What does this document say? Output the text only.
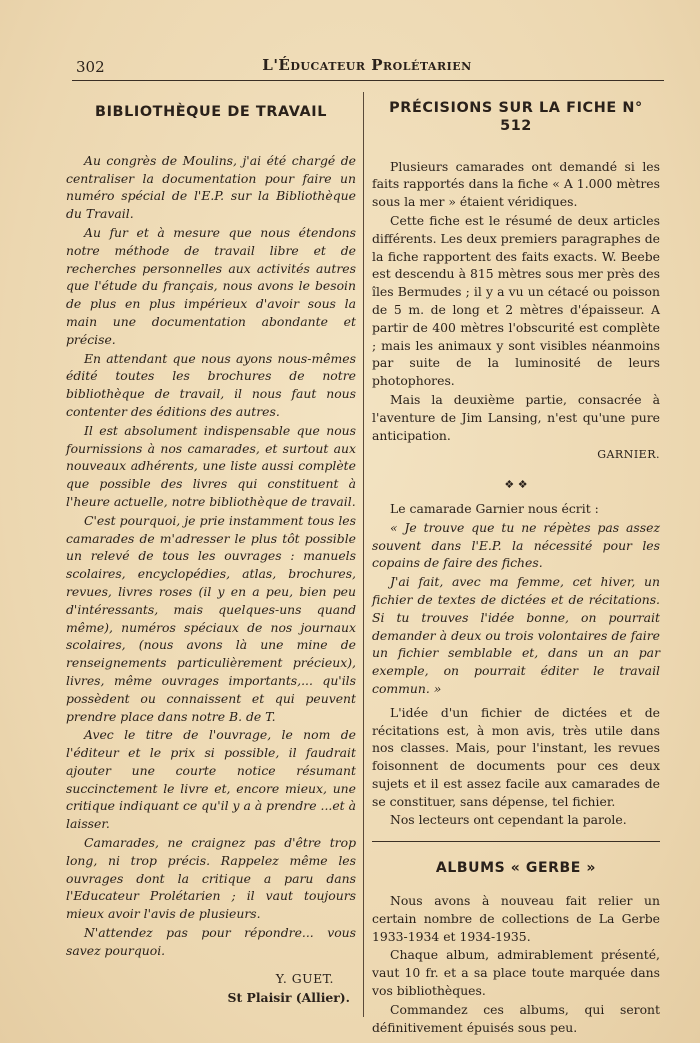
302	L'Éducateur Prolétarien
BIBLIOTHÈQUE DE TRAVAIL

Au congrès de Moulins, j'ai été chargé de centraliser la documentation pour faire un numéro spécial de l'E.P. sur la Bibliothèque du Travail.

Au fur et à mesure que nous étendons notre méthode de travail libre et de recherches personnelles aux activités autres que l'étude du français, nous avons le besoin de plus en plus impérieux d'avoir sous la main une documentation abondante et précise.

En attendant que nous ayons nous-mêmes édité toutes les brochures de notre bibliothèque de travail, il nous faut nous contenter des éditions des autres.

Il est absolument indispensable que nous fournissions à nos camarades, et surtout aux nouveaux adhérents, une liste aussi complète que possible des livres qui constituent à l'heure actuelle, notre bibliothèque de travail.

C'est pourquoi, je prie instamment tous les camarades de m'adresser le plus tôt possible un relevé de tous les ouvrages : manuels scolaires, encyclopédies, atlas, brochures, revues, livres roses (il y en a peu, bien peu d'intéressants, mais quelques-uns quand même), numéros spéciaux de nos journaux scolaires, (nous avons là une mine de renseignements particulièrement précieux), livres, même ouvrages importants,... qu'ils possèdent ou connaissent et qui peuvent prendre place dans notre B. de T.

Avec le titre de l'ouvrage, le nom de l'éditeur et le prix si possible, il faudrait ajouter une courte notice résumant succinctement le livre et, encore mieux, une critique indiquant ce qu'il y a à prendre ...et à laisser.

Camarades, ne craignez pas d'être trop long, ni trop précis. Rappelez même les ouvrages dont la critique a paru dans l'Educateur Prolétarien ; il vaut toujours mieux avoir l'avis de plusieurs.

N'attendez pas pour répondre... vous savez pourquoi.

Y. GUET.

St Plaisir (Allier).

PRÉCISIONS SUR LA FICHE N° 512

Plusieurs camarades ont demandé si les faits rapportés dans la fiche « A 1.000 mètres sous la mer » étaient véridiques.

Cette fiche est le résumé de deux articles différents. Les deux premiers paragraphes de la fiche rapportent des faits exacts. W. Beebe est descendu à 815 mètres sous mer près des îles Bermudes ; il y a vu un cétacé ou poisson de 5 m. de long et 2 mètres d'épaisseur. A partir de 400 mètres l'obscurité est complète ; mais les animaux y sont visibles néanmoins par suite de la luminosité de leurs photophores.

Mais la deuxième partie, consacrée à l'aventure de Jim Lansing, n'est qu'une pure anticipation.

GARNIER.

❖ ❖

Le camarade Garnier nous écrit :

« Je trouve que tu ne répètes pas assez souvent dans l'E.P. la nécessité pour les copains de faire des fiches.

J'ai fait, avec ma femme, cet hiver, un fichier de textes de dictées et de récitations. Si tu trouves l'idée bonne, on pourrait demander à deux ou trois volontaires de faire un fichier semblable et, dans un an par exemple, on pourrait éditer le travail commun. »

L'idée d'un fichier de dictées et de récitations est, à mon avis, très utile dans nos classes. Mais, pour l'instant, les revues foisonnent de documents pour ces deux sujets et il est assez facile aux camarades de se constituer, sans dépense, tel fichier.

Nos lecteurs ont cependant la parole.

ALBUMS « GERBE »

Nous avons à nouveau fait relier un certain nombre de collections de La Gerbe 1933-1934 et 1934-1935.

Chaque album, admirablement présenté, vaut 10 fr. et a sa place toute marquée dans vos bibliothèques.

Commandez ces albums, qui seront définitivement épuisés sous peu.
